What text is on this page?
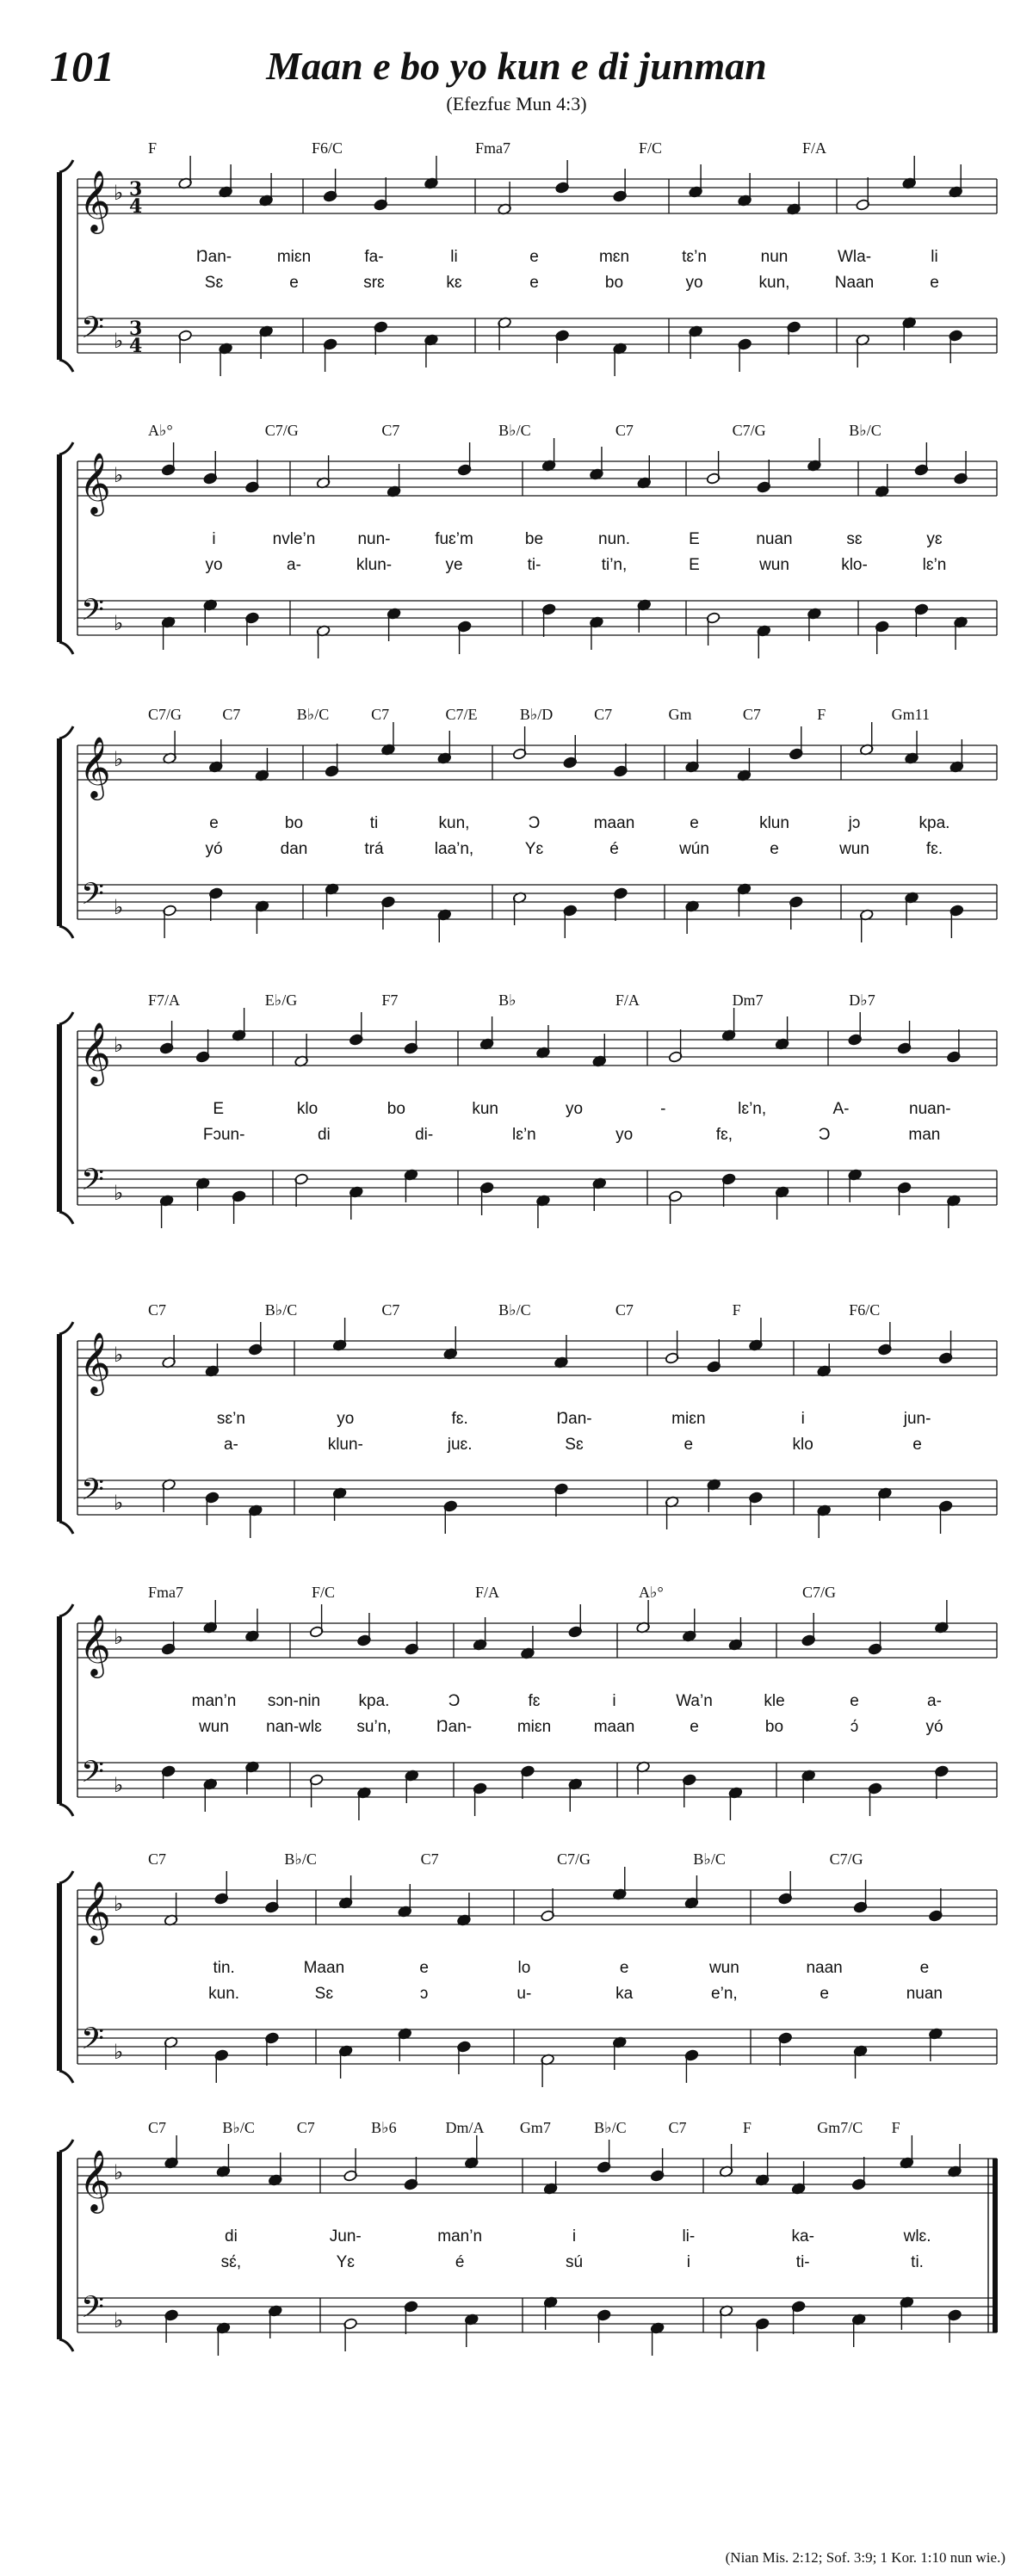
101	Maan e bo yo kun e di junman
(Efezfuɛ Mun 4:3)
𝄞
𝄢
♭
♭
3
4
3
4
F	F6/C	Fma7	F/C	F/A
Ŋan-	miɛn	fa-	li	e	mɛn	tɛ’n	nun	Wla-	li
Sɛ	e	srɛ	kɛ	e	bo	yo	kun,	Naan	e
𝄞
𝄢
♭
♭
A♭°	C7/G	C7	B♭/C	C7	C7/G	B♭/C
i	nvle’n	nun-	fuɛ’m	be	nun.	E	nuan	sɛ	yɛ
yo	a-	klun-	ye	ti-	ti’n,	E	wun	klo-	lɛ’n
𝄞
𝄢
♭
♭
C7/G	C7	B♭/C	C7	C7/E	B♭/D	C7	Gm	C7	F	Gm11
e	bo	ti	kun,	Ɔ	maan	e	klun	jɔ	kpa.
yó	dan	trá	laa’n,	Yɛ	é	wún	e	wun	fɛ.
𝄞
𝄢
♭
♭
F7/A	E♭/G	F7	B♭	F/A	Dm7	D♭7
E	klo	bo	kun	yo	-	lɛ’n,	A-	nuan-
Fɔun-	di	di-	lɛ’n	yo	fɛ,	Ɔ	man
𝄞
𝄢
♭
♭
C7	B♭/C	C7	B♭/C	C7	F	F6/C
sɛ’n	yo	fɛ.	Ŋan-	miɛn	i	jun-
a-	klun-	juɛ.	Sɛ	e	klo	e
𝄞
𝄢
♭
♭
Fma7	F/C	F/A	A♭°	C7/G
man’n sɔn-nin kpa.	Ɔ	fɛ	i	Wa’n	kle	e	a-
wun nan-wlɛ su’n,	Ŋan-	miɛn	maan	e	bo	ɔ́	yó
𝄞
𝄢
♭
♭
C7	B♭/C	C7	C7/G	B♭/C	C7/G
tin.	Maan	e	lo	e	wun	naan	e
kun.	Sɛ	ɔ	u-	ka	e’n,	e	nuan
𝄞
𝄢
♭
♭
C7	B♭/C	C7	B♭6	Dm/A Gm7	B♭/C	C7	F	Gm7/C F
di	Jun-	man’n	i	li-	ka-	wlɛ.
sɛ́,	Yɛ	é	sú	i	ti-	ti.
(Nian Mis. 2:12; Sof. 3:9; 1 Kor. 1:10 nun wie.)
